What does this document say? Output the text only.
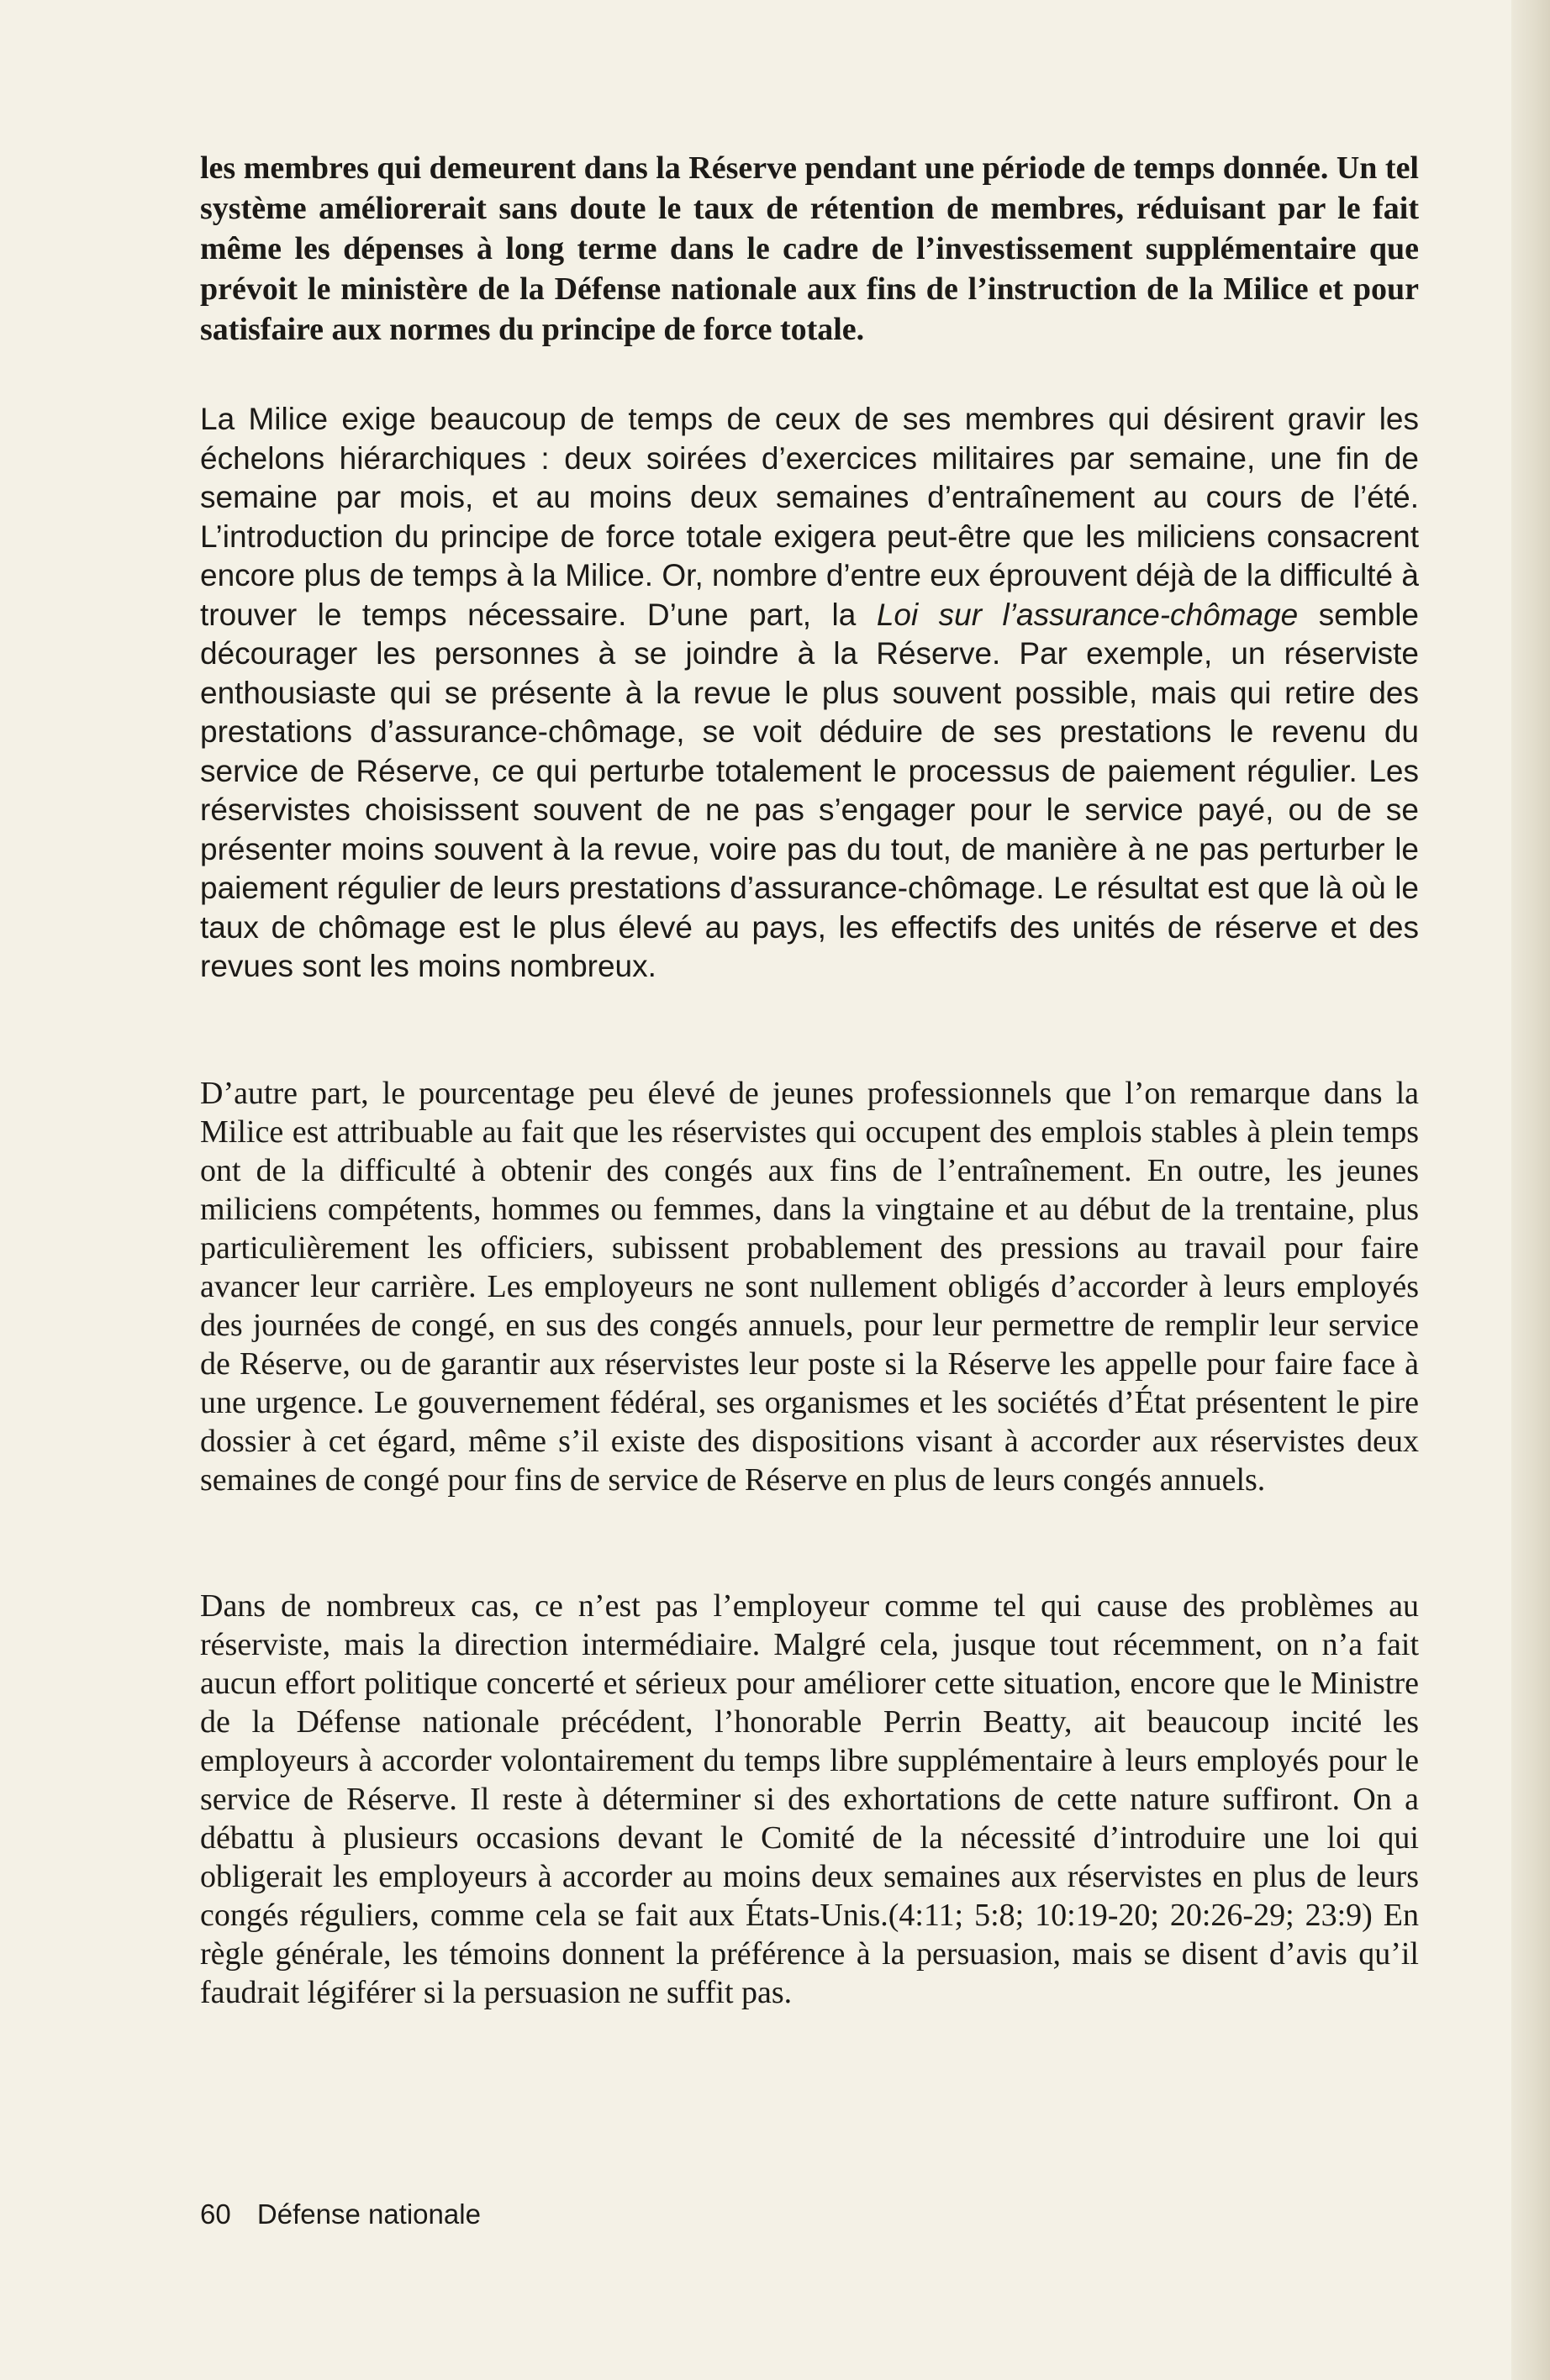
les membres qui demeurent dans la Réserve pendant une période de temps donnée. Un tel système améliorerait sans doute le taux de rétention de membres, réduisant par le fait même les dépenses à long terme dans le cadre de l’investissement supplémentaire que prévoit le ministère de la Défense nationale aux fins de l’instruction de la Milice et pour satisfaire aux normes du principe de force totale.

La Milice exige beaucoup de temps de ceux de ses membres qui désirent gravir les échelons hiérarchiques : deux soirées d’exercices militaires par semaine, une fin de semaine par mois, et au moins deux semaines d’entraînement au cours de l’été. L’introduction du principe de force totale exigera peut-être que les miliciens consacrent encore plus de temps à la Milice. Or, nombre d’entre eux éprouvent déjà de la difficulté à trouver le temps nécessaire. D’une part, la Loi sur l’assurance-chômage semble décourager les personnes à se joindre à la Réserve. Par exemple, un réserviste enthousiaste qui se présente à la revue le plus souvent possible, mais qui retire des prestations d’assurance-chômage, se voit déduire de ses prestations le revenu du service de Réserve, ce qui perturbe totalement le processus de paiement régulier. Les réservistes choisissent souvent de ne pas s’engager pour le service payé, ou de se présenter moins souvent à la revue, voire pas du tout, de manière à ne pas perturber le paiement régulier de leurs prestations d’assurance-chômage. Le résultat est que là où le taux de chômage est le plus élevé au pays, les effectifs des unités de réserve et des revues sont les moins nombreux.

D’autre part, le pourcentage peu élevé de jeunes professionnels que l’on remarque dans la Milice est attribuable au fait que les réservistes qui occupent des emplois stables à plein temps ont de la difficulté à obtenir des congés aux fins de l’entraînement. En outre, les jeunes miliciens compétents, hommes ou femmes, dans la vingtaine et au début de la trentaine, plus particulièrement les officiers, subissent probablement des pressions au travail pour faire avancer leur carrière. Les employeurs ne sont nullement obligés d’accorder à leurs employés des journées de congé, en sus des congés annuels, pour leur permettre de remplir leur service de Réserve, ou de garantir aux réservistes leur poste si la Réserve les appelle pour faire face à une urgence. Le gouvernement fédéral, ses organismes et les sociétés d’État présentent le pire dossier à cet égard, même s’il existe des dispositions visant à accorder aux réservistes deux semaines de congé pour fins de service de Réserve en plus de leurs congés annuels.

Dans de nombreux cas, ce n’est pas l’employeur comme tel qui cause des problèmes au réserviste, mais la direction intermédiaire. Malgré cela, jusque tout récemment, on n’a fait aucun effort politique concerté et sérieux pour améliorer cette situation, encore que le Ministre de la Défense nationale précédent, l’honorable Perrin Beatty, ait beaucoup incité les employeurs à accorder volontairement du temps libre supplémentaire à leurs employés pour le service de Réserve. Il reste à déterminer si des exhortations de cette nature suffiront. On a débattu à plusieurs occasions devant le Comité de la nécessité d’introduire une loi qui obligerait les employeurs à accorder au moins deux semaines aux réservistes en plus de leurs congés réguliers, comme cela se fait aux États-Unis.(4:11; 5:8; 10:19-20; 20:26-29; 23:9) En règle générale, les témoins donnent la préférence à la persuasion, mais se disent d’avis qu’il faudrait légiférer si la persuasion ne suffit pas.

60 Défense nationale
